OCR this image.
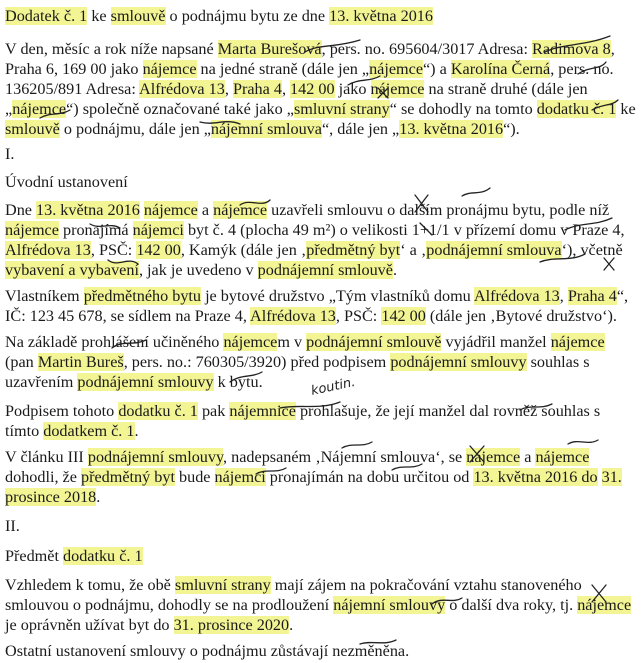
Dodatek č. 1 ke smlouvě o podnájmu bytu ze dne 13. května 2016

V den, měsíc a rok níže napsané Marta Burešová, pers. no. 695604/3017 Adresa: Radimova 8,

Praha 6, 169 00 jako nájemce na jedné straně (dále jen „nájemce“) a Karolína Černá, pers. no.

136205/891 Adresa: Alfrédova 13, Praha 4, 142 00 jako nájemce na straně druhé (dále jen

„nájemce“) společně označované také jako „smluvní strany“ se dohodly na tomto dodatku č. 1 ke

smlouvě o podnájmu, dále jen „nájemní smlouva“, dále jen „13. května 2016“).

I.

Úvodní ustanovení

Dne 13. května 2016 nájemce a nájemce uzavřeli smlouvu o dalším pronájmu bytu, podle níž

nájemce pronajímá nájemci byt č. 4 (plocha 49 m²) o velikosti 1+1/1 v přízemí domu v Praze 4,

Alfrédova 13, PSČ: 142 00, Kamýk (dále jen ‚předmětný byt‘ a ‚podnájemní smlouva‘), včetně

vybavení a vybavení, jak je uvedeno v podnájemní smlouvě.

Vlastníkem předmětného bytu je bytové družstvo „Tým vlastníků domu Alfrédova 13, Praha 4“,

IČ: 123 45 678, se sídlem na Praze 4, Alfrédova 13, PSČ: 142 00 (dále jen ‚Bytové družstvo‘).

Na základě prohlášení učiněného nájemcem v podnájemní smlouvě vyjádřil manžel nájemce

(pan Martin Bureš, pers. no.: 760305/3920) před podpisem podnájemní smlouvy souhlas s

uzavřením podnájemní smlouvy k bytu.

Podpisem tohoto dodatku č. 1 pak nájemnice prohlašuje, že její manžel dal rovněž souhlas s

tímto dodatkem č. 1.

V článku III podnájemní smlouvy, nadepsaném ‚Nájemní smlouva‘, se nájemce a nájemce

dohodli, že předmětný byt bude nájemci pronajímán na dobu určitou od 13. května 2016 do 31.

prosince 2018.

II.

Předmět dodatku č. 1

Vzhledem k tomu, že obě smluvní strany mají zájem na pokračování vztahu stanoveného

smlouvou o podnájmu, dohodly se na prodloužení nájemní smlouvy o další dva roky, tj. nájemce

je oprávněn užívat byt do 31. prosince 2020.

Ostatní ustanovení smlouvy o podnájmu zůstávají nezměněna.

koutin.
